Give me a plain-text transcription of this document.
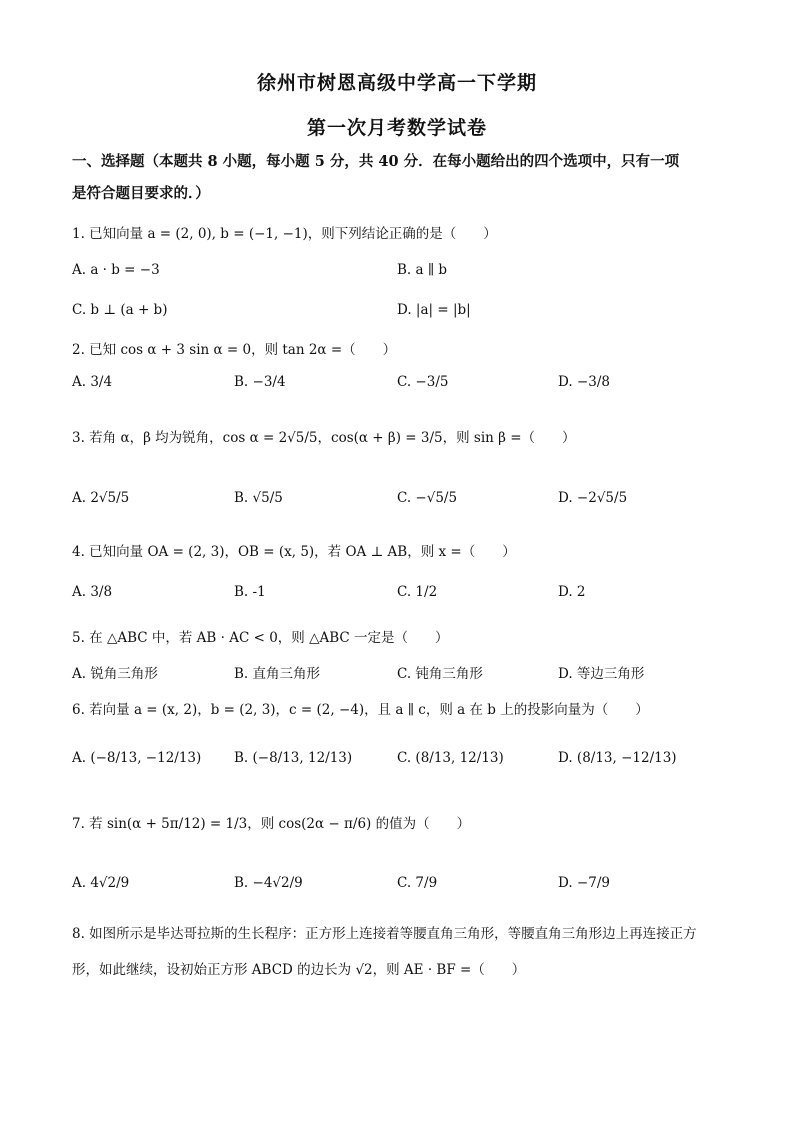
徐州市树恩高级中学高一下学期
第一次月考数学试卷
一、选择题（本题共 8 小题，每小题 5 分，共 40 分．在每小题给出的四个选项中，只有一项
是符合题目要求的．）
1. 已知向量 a = (2, 0), b = (−1, −1)，则下列结论正确的是（　　）
A. a · b = −3	B. a ∥ b
C. b ⊥ (a + b)	D. |a| = |b|
2. 已知 cos α + 3 sin α = 0，则 tan 2α =（　　）
A. 3/4	B. −3/4	C. −3/5	D. −3/8
3. 若角 α，β 均为锐角，cos α = 2√5/5，cos(α + β) = 3/5，则 sin β =（　　）
A. 2√5/5	B. √5/5	C. −√5/5	D. −2√5/5
4. 已知向量 OA = (2, 3)，OB = (x, 5)，若 OA ⊥ AB，则 x =（　　）
A. 3/8	B. -1	C. 1/2	D. 2
5. 在 △ABC 中，若 AB · AC < 0，则 △ABC 一定是（　　）
A. 锐角三角形	B. 直角三角形	C. 钝角三角形	D. 等边三角形
6. 若向量 a = (x, 2)，b = (2, 3)，c = (2, −4)，且 a ∥ c，则 a 在 b 上的投影向量为（　　）
A. (−8/13, −12/13) B. (−8/13, 12/13)	C. (8/13, 12/13)	D. (8/13, −12/13)
7. 若 sin(α + 5π/12) = 1/3，则 cos(2α − π/6) 的值为（　　）
A. 4√2/9	B. −4√2/9	C. 7/9	D. −7/9
8. 如图所示是毕达哥拉斯的生长程序：正方形上连接着等腰直角三角形，等腰直角三角形边上再连接正方
形，如此继续，设初始正方形 ABCD 的边长为 √2，则 AE · BF =（　　）
